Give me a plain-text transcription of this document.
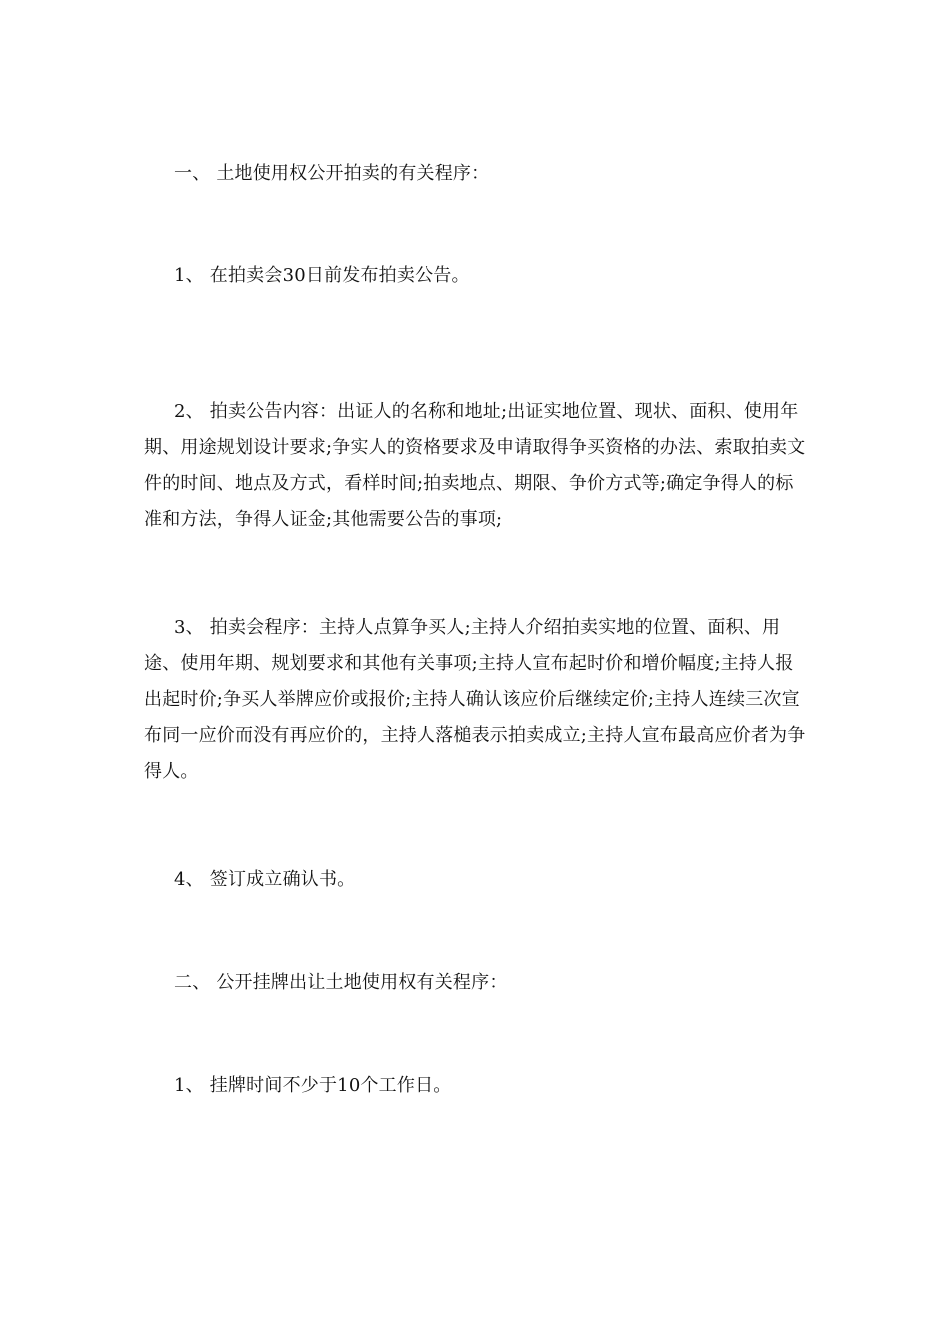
一、 土地使用权公开拍卖的有关程序：

1、 在拍卖会30日前发布拍卖公告。

2、 拍卖公告内容：出证人的名称和地址;出证实地位置、现状、面积、使用年期、用途规划设计要求;争实人的资格要求及申请取得争买资格的办法、索取拍卖文件的时间、地点及方式，看样时间;拍卖地点、期限、争价方式等;确定争得人的标准和方法，争得人证金;其他需要公告的事项;

3、 拍卖会程序：主持人点算争买人;主持人介绍拍卖实地的位置、面积、用途、使用年期、规划要求和其他有关事项;主持人宣布起时价和增价幅度;主持人报出起时价;争买人举牌应价或报价;主持人确认该应价后继续定价;主持人连续三次宣布同一应价而没有再应价的，主持人落槌表示拍卖成立;主持人宣布最高应价者为争得人。

4、 签订成立确认书。

二、 公开挂牌出让土地使用权有关程序：

1、 挂牌时间不少于10个工作日。
